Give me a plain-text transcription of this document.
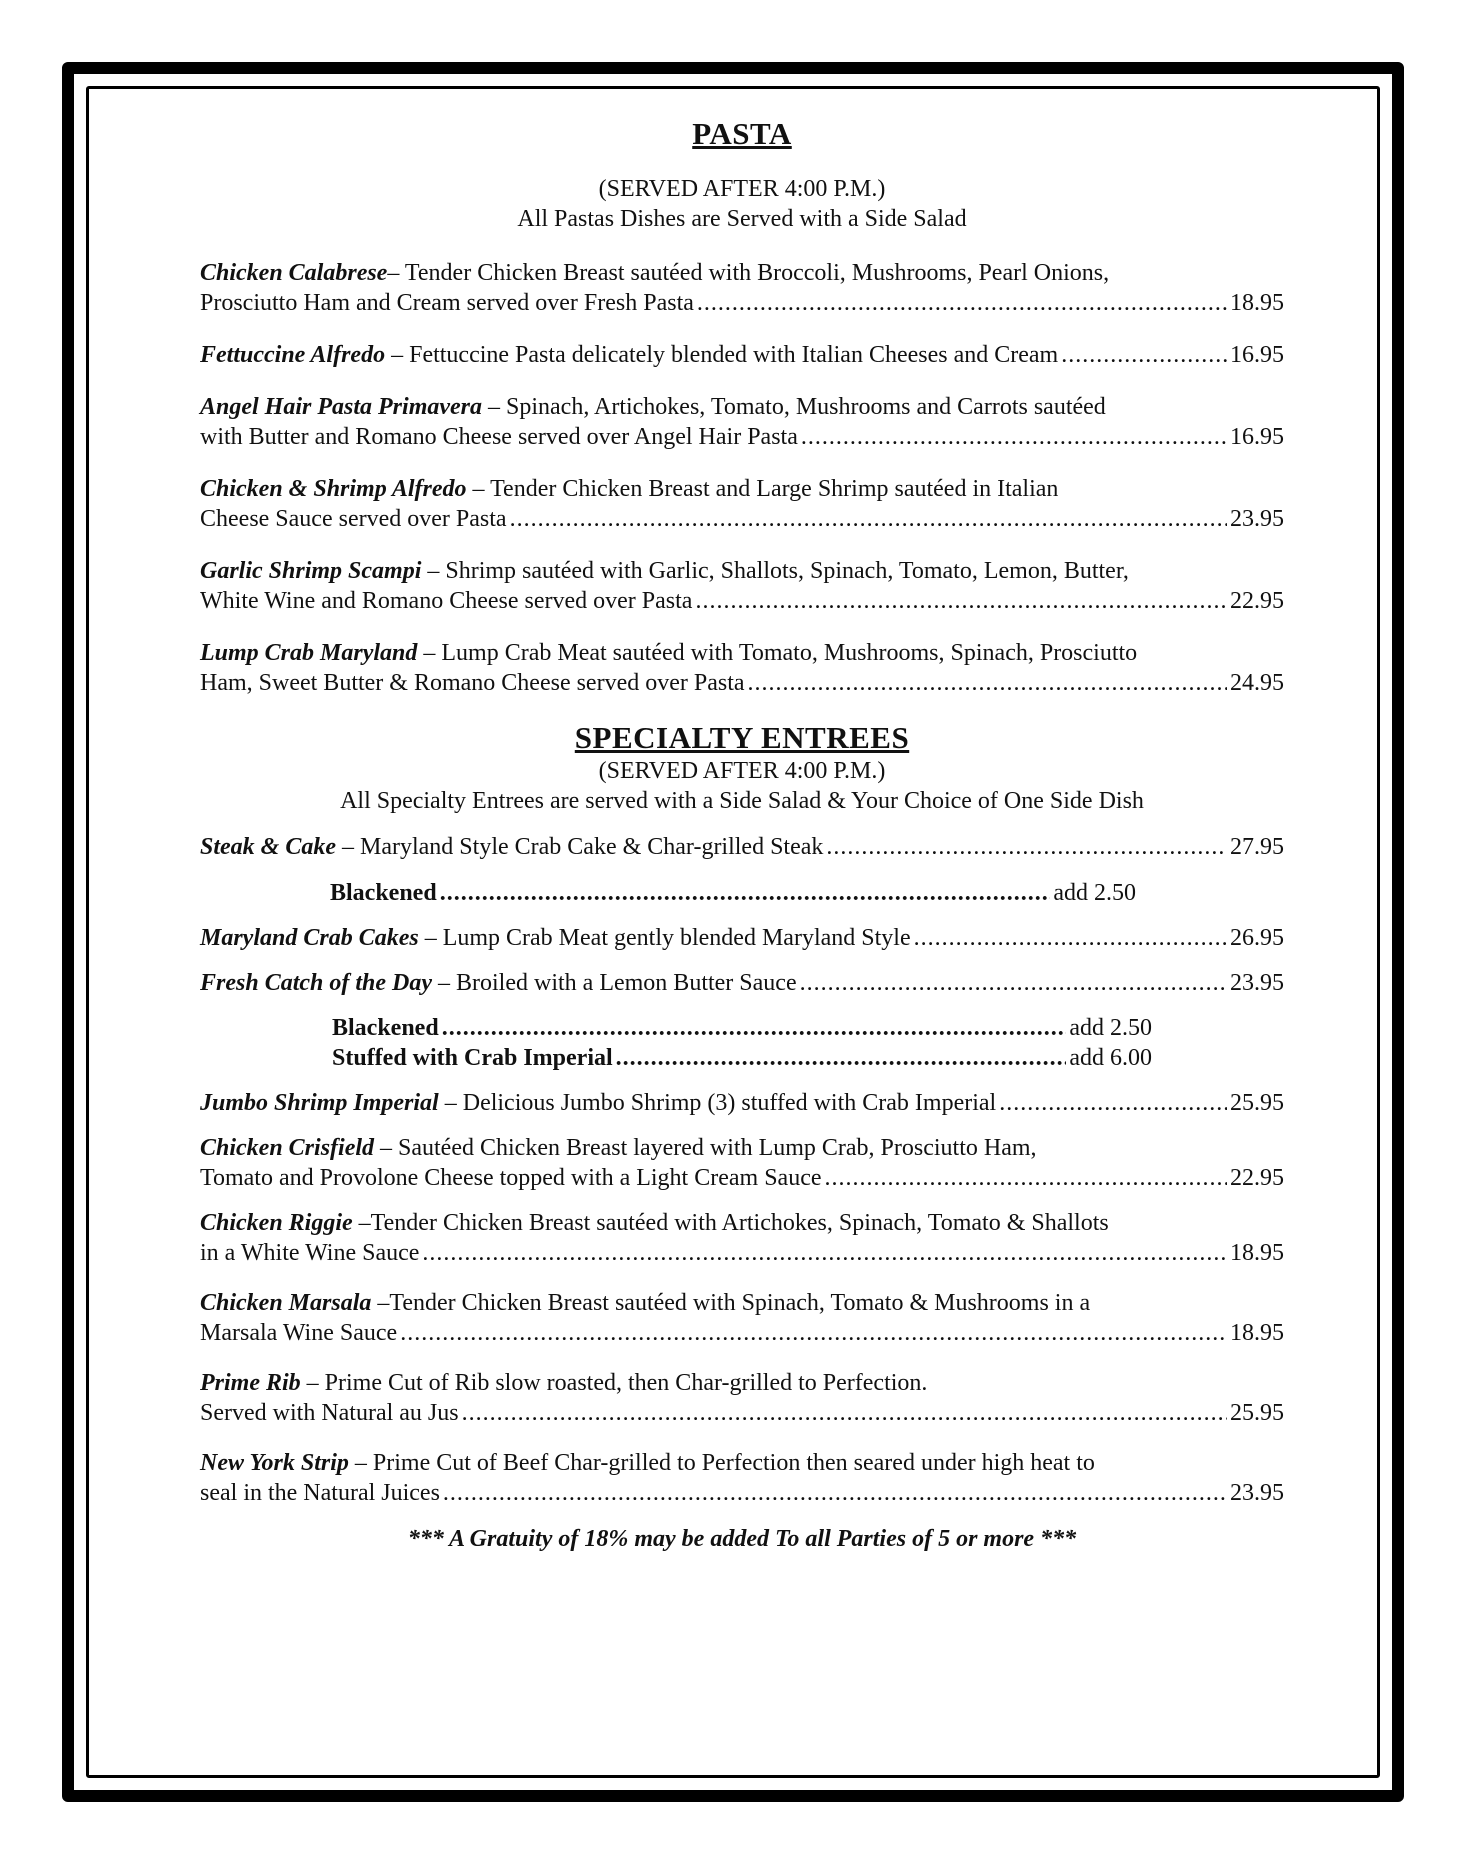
PASTA

(SERVED AFTER 4:00 P.M.)

All Pastas Dishes are Served with a Side Salad

Chicken Calabrese– Tender Chicken Breast sautéed with Broccoli, Mushrooms, Pearl Onions,
Prosciutto Ham and Cream served over Fresh Pasta .....	18.95
Fettuccine Alfredo – Fettuccine Pasta delicately blended with Italian Cheeses and Cream .....	16.95
Angel Hair Pasta Primavera – Spinach, Artichokes, Tomato, Mushrooms and Carrots sautéed
with Butter and Romano Cheese served over Angel Hair Pasta .....	16.95
Chicken & Shrimp Alfredo – Tender Chicken Breast and Large Shrimp sautéed in Italian
Cheese Sauce served over Pasta .....	23.95
Garlic Shrimp Scampi – Shrimp sautéed with Garlic, Shallots, Spinach, Tomato, Lemon, Butter,
White Wine and Romano Cheese served over Pasta .....	22.95
Lump Crab Maryland – Lump Crab Meat sautéed with Tomato, Mushrooms, Spinach, Prosciutto
Ham, Sweet Butter & Romano Cheese served over Pasta .....	24.95
SPECIALTY ENTREES

(SERVED AFTER 4:00 P.M.)

All Specialty Entrees are served with a Side Salad & Your Choice of One Side Dish

Steak & Cake – Maryland Style Crab Cake & Char-grilled Steak .....	27.95
Blackened .....	add 2.50
Maryland Crab Cakes – Lump Crab Meat gently blended Maryland Style .....	26.95
Fresh Catch of the Day – Broiled with a Lemon Butter Sauce .....	23.95
Blackened .....	add 2.50
Stuffed with Crab Imperial .....	add 6.00
Jumbo Shrimp Imperial – Delicious Jumbo Shrimp (3) stuffed with Crab Imperial .....	25.95
Chicken Crisfield – Sautéed Chicken Breast layered with Lump Crab, Prosciutto Ham,
Tomato and Provolone Cheese topped with a Light Cream Sauce .....	22.95
Chicken Riggie –Tender Chicken Breast sautéed with Artichokes, Spinach, Tomato & Shallots
in a White Wine Sauce .....	18.95
Chicken Marsala –Tender Chicken Breast sautéed with Spinach, Tomato & Mushrooms in a
Marsala Wine Sauce .....	18.95
Prime Rib – Prime Cut of Rib slow roasted, then Char-grilled to Perfection.
Served with Natural au Jus .....	25.95
New York Strip – Prime Cut of Beef Char-grilled to Perfection then seared under high heat to
seal in the Natural Juices .....	23.95

*** A Gratuity of 18% may be added To all Parties of 5 or more ***
